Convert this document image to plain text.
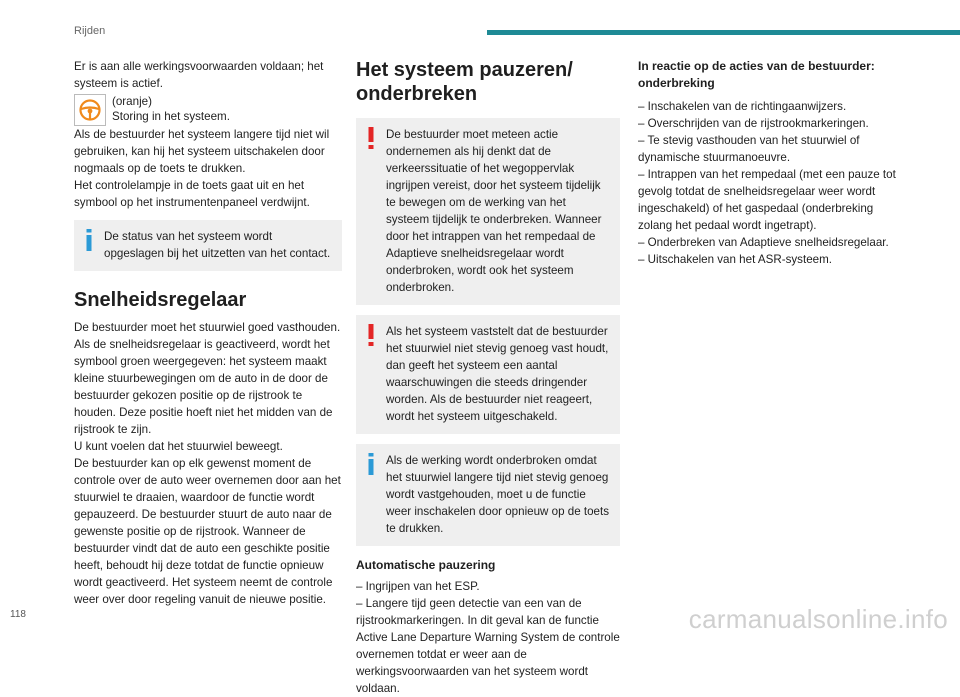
Rijden

Er is aan alle werkingsvoorwaarden voldaan; het systeem is actief.

(oranje)
Storing in het systeem.

Als de bestuurder het systeem langere tijd niet wil gebruiken, kan hij het systeem uitschakelen door nogmaals op de toets te drukken.

Het controlelampje in de toets gaat uit en het symbool op het instrumentenpaneel verdwijnt.

De status van het systeem wordt opgeslagen bij het uitzetten van het contact.
Snelheidsregelaar

De bestuurder moet het stuurwiel goed vasthouden.

Als de snelheidsregelaar is geactiveerd, wordt het symbool groen weergegeven: het systeem maakt kleine stuurbewegingen om de auto in de door de bestuurder gekozen positie op de rijstrook te houden. Deze positie hoeft niet het midden van de rijstrook te zijn.

U kunt voelen dat het stuurwiel beweegt.

De bestuurder kan op elk gewenst moment de controle over de auto weer overnemen door aan het stuurwiel te draaien, waardoor de functie wordt gepauzeerd. De bestuurder stuurt de auto naar de gewenste positie op de rijstrook. Wanneer de bestuurder vindt dat de auto een geschikte positie heeft, behoudt hij deze totdat de functie opnieuw wordt geactiveerd. Het systeem neemt de controle weer over door regeling vanuit de nieuwe positie.

Het systeem pauzeren/ onderbreken
De bestuurder moet meteen actie ondernemen als hij denkt dat de verkeerssituatie of het wegoppervlak ingrijpen vereist, door het systeem tijdelijk te bewegen om de werking van het systeem tijdelijk te onderbreken. Wanneer door het intrappen van het rempedaal de Adaptieve snelheidsregelaar wordt onderbroken, wordt ook het systeem onderbroken.
Als het systeem vaststelt dat de bestuurder het stuurwiel niet stevig genoeg vast houdt, dan geeft het systeem een aantal waarschuwingen die steeds dringender worden. Als de bestuurder niet reageert, wordt het systeem uitgeschakeld.
Als de werking wordt onderbroken omdat het stuurwiel langere tijd niet stevig genoeg wordt vastgehouden, moet u de functie weer inschakelen door opnieuw op de toets te drukken.
Automatische pauzering
– Ingrijpen van het ESP.
– Langere tijd geen detectie van een van de rijstrookmarkeringen. In dit geval kan de functie Active Lane Departure Warning System de controle overnemen totdat er weer aan de werkingsvoorwaarden van het systeem wordt voldaan.
In reactie op de acties van de bestuurder: onderbreking
– Inschakelen van de richtingaanwijzers.
– Overschrijden van de rijstrookmarkeringen.
– Te stevig vasthouden van het stuurwiel of dynamische stuurmanoeuvre.
– Intrappen van het rempedaal (met een pauze tot gevolg totdat de snelheidsregelaar weer wordt ingeschakeld) of het gaspedaal (onderbreking zolang het pedaal wordt ingetrapt).
– Onderbreken van Adaptieve snelheidsregelaar.
– Uitschakelen van het ASR-systeem.
118	carmanualsonline.info
